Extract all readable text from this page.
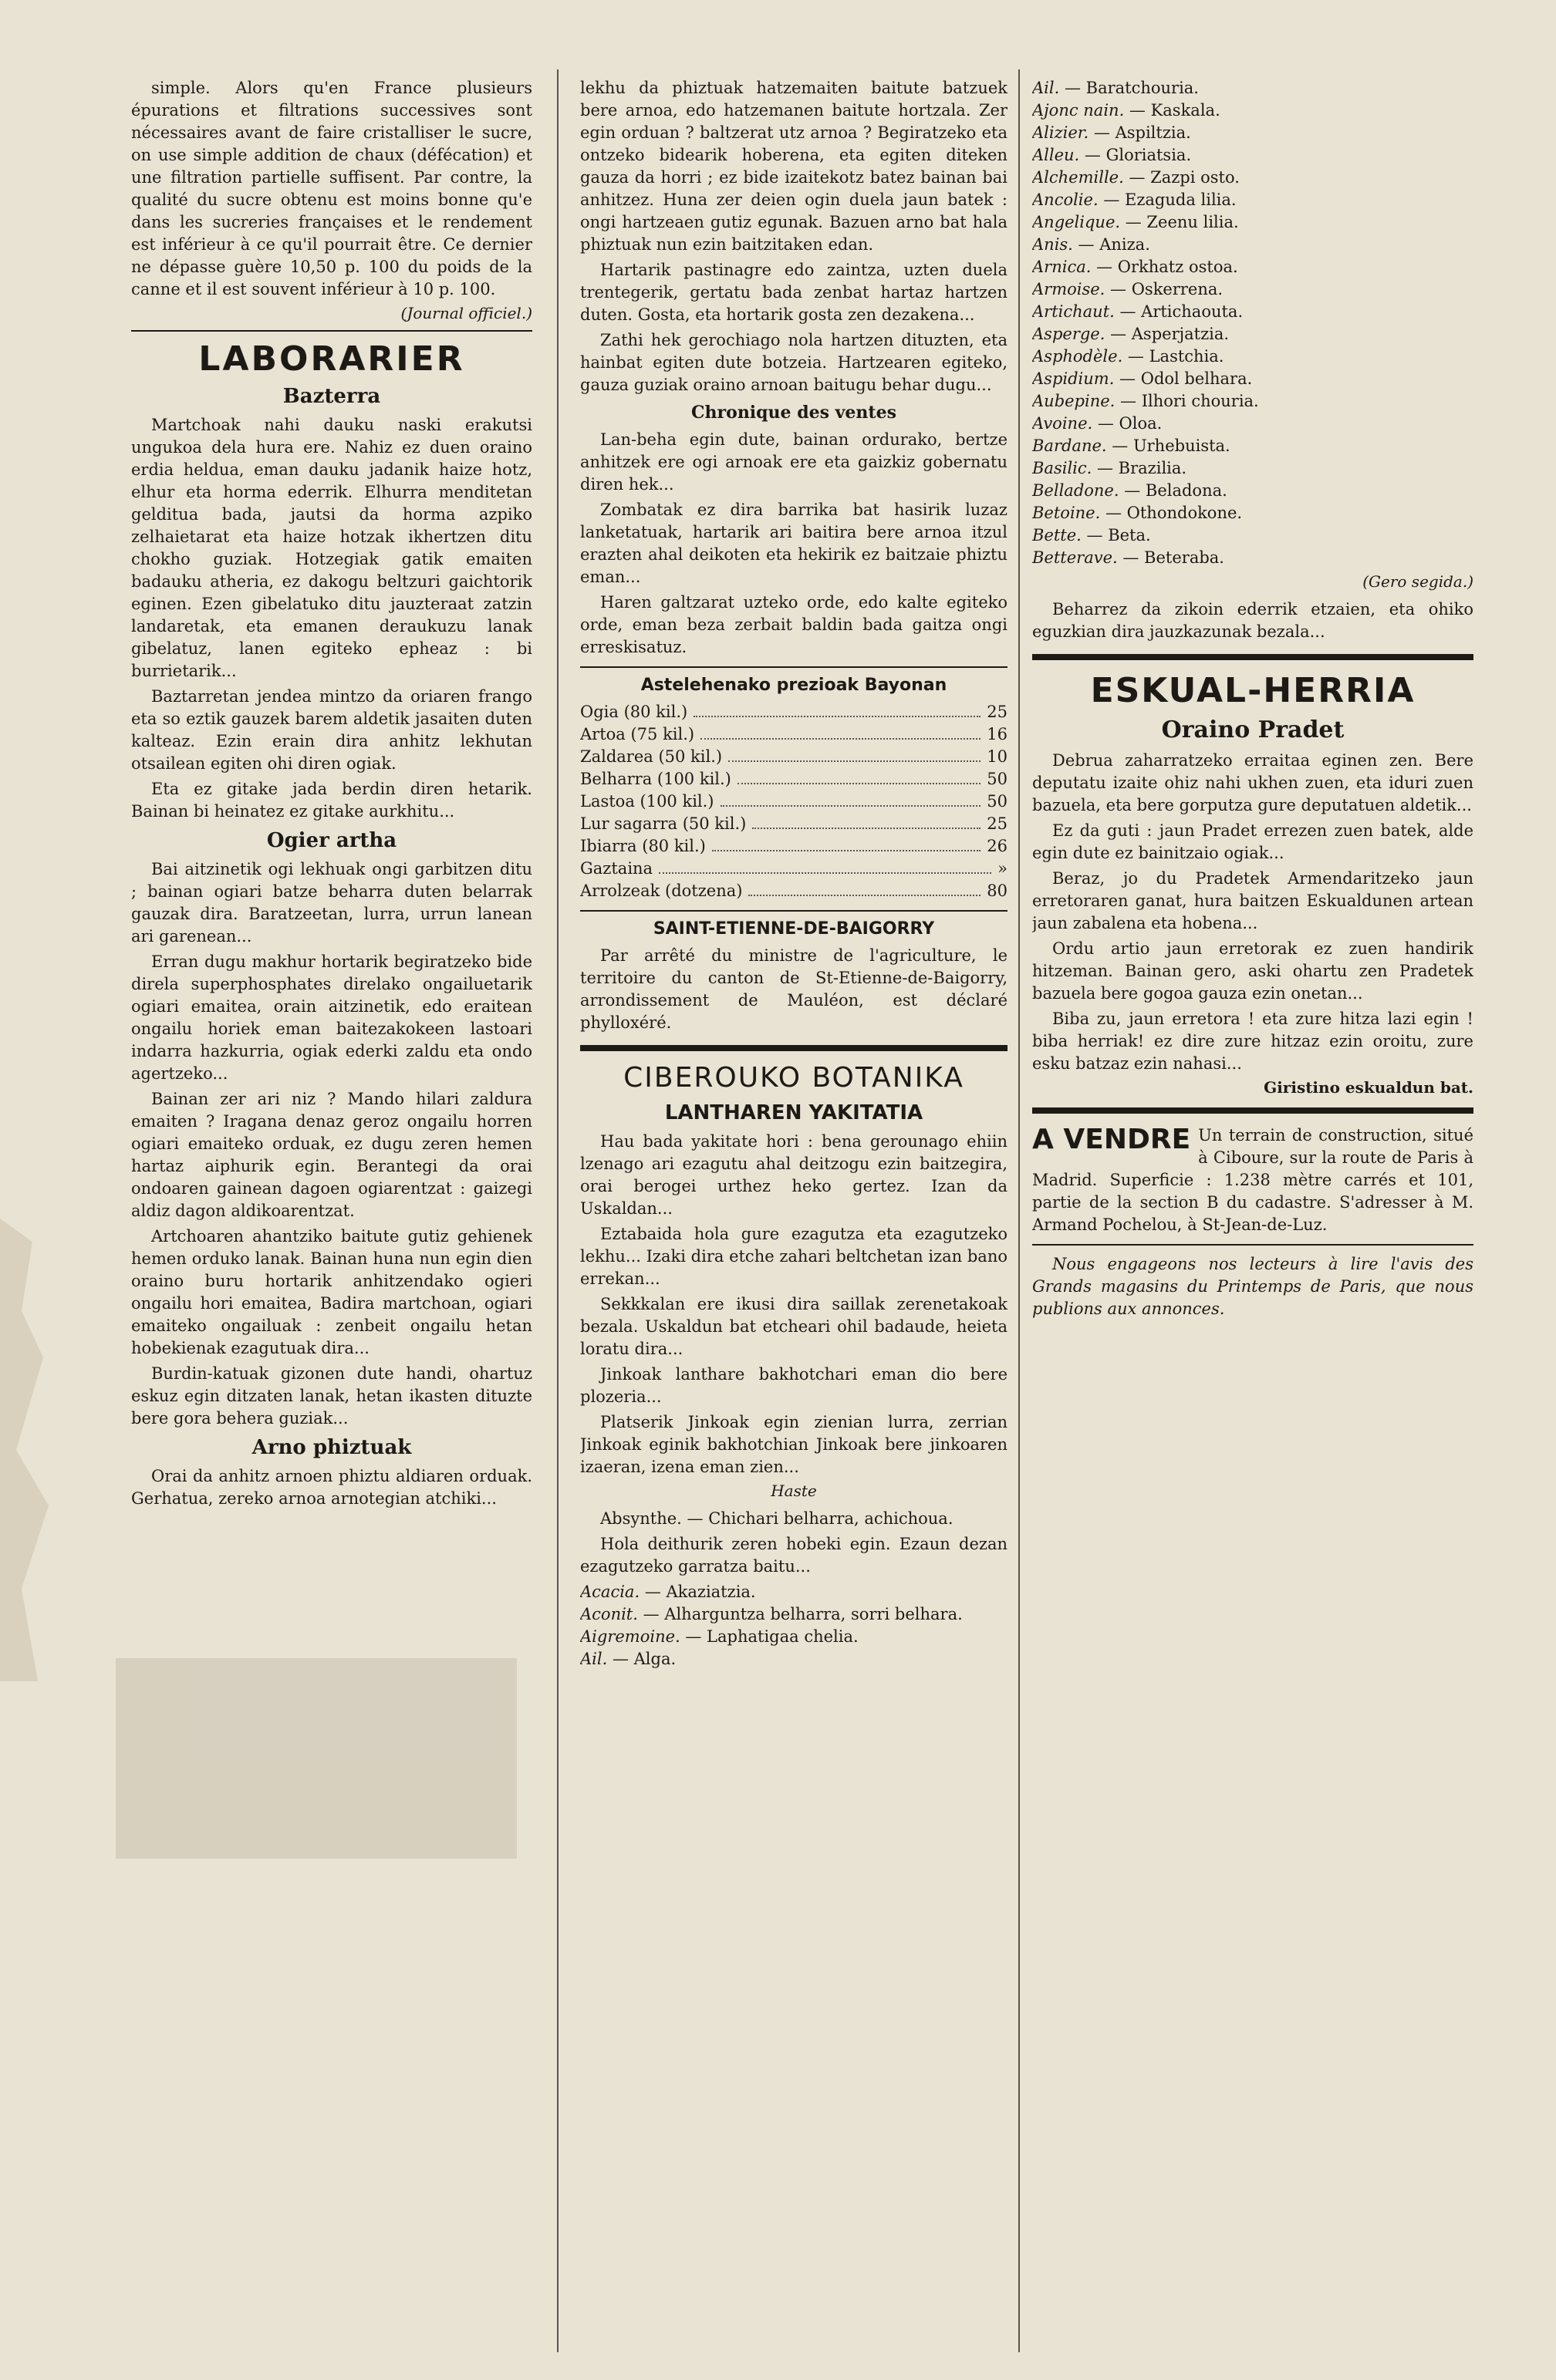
simple. Alors qu'en France plusieurs épurations et filtrations successives sont nécessaires avant de faire cristalliser le sucre, on use simple addition de chaux (défécation) et une filtration partielle suffisent. Par contre, la qualité du sucre obtenu est moins bonne qu'e dans les sucreries françaises et le rendement est inférieur à ce qu'il pourrait être. Ce dernier ne dépasse guère 10,50 p. 100 du poids de la canne et il est souvent inférieur à 10 p. 100.

(Journal officiel.)
LABORARIER
Bazterra

Martchoak nahi dauku naski erakutsi ungukoa dela hura ere. Nahiz ez duen oraino erdia heldua, eman dauku jadanik haize hotz, elhur eta horma ederrik. Elhurra menditetan gelditua bada, jautsi da horma azpiko zelhaietarat eta haize hotzak ikhertzen ditu chokho guziak. Hotzegiak gatik emaiten badauku atheria, ez dakogu beltzuri gaichtorik eginen. Ezen gibelatuko ditu jauzteraat zatzin landaretak, eta emanen deraukuzu lanak gibelatuz, lanen egiteko epheaz : bi burrietarik...

Baztarretan jendea mintzo da oriaren frango eta so eztik gauzek barem aldetik jasaiten duten kalteaz. Ezin erain dira anhitz lekhutan otsailean egiten ohi diren ogiak.

Eta ez gitake jada berdin diren hetarik. Bainan bi heinatez ez gitake aurkhitu...

Ogier artha

Bai aitzinetik ogi lekhuak ongi garbitzen ditu ; bainan ogiari batze beharra duten belarrak gauzak dira. Baratzeetan, lurra, urrun lanean ari garenean...

Erran dugu makhur hortarik begiratzeko bide direla superphosphates direlako ongailuetarik ogiari emaitea, orain aitzinetik, edo eraitean ongailu horiek eman baitezakokeen lastoari indarra hazkurria, ogiak ederki zaldu eta ondo agertzeko...

Bainan zer ari niz ? Mando hilari zaldura emaiten ? Iragana denaz geroz ongailu horren ogiari emaiteko orduak, ez dugu zeren hemen hartaz aiphurik egin. Berantegi da orai ondoaren gainean dagoen ogiarentzat : gaizegi aldiz dagon aldikoarentzat.

Artchoaren ahantziko baitute gutiz gehienek hemen orduko lanak. Bainan huna nun egin dien oraino buru hortarik anhitzendako ogieri ongailu hori emaitea, Badira martchoan, ogiari emaiteko ongailuak : zenbeit ongailu hetan hobekienak ezagutuak dira...

Burdin-katuak gizonen dute handi, ohartuz eskuz egin ditzaten lanak, hetan ikasten dituzte bere gora behera guziak...

Arno phiztuak

Orai da anhitz arnoen phiztu aldiaren orduak. Gerhatua, zereko arnoa arnotegian atchiki...

lekhu da phiztuak hatzemaiten baitute batzuek bere arnoa, edo hatzemanen baitute hortzala. Zer egin orduan ? baltzerat utz arnoa ? Begiratzeko eta ontzeko bidearik hoberena, eta egiten diteken gauza da horri ; ez bide izaitekotz batez bainan bai anhitzez. Huna zer deien ogin duela jaun batek : ongi hartzeaen gutiz egunak. Bazuen arno bat hala phiztuak nun ezin baitzitaken edan.

Hartarik pastinagre edo zaintza, uzten duela trentegerik, gertatu bada zenbat hartaz hartzen duten. Gosta, eta hortarik gosta zen dezakena...

Zathi hek gerochiago nola hartzen dituzten, eta hainbat egiten dute botzeia. Hartzearen egiteko, gauza guziak oraino arnoan baitugu behar dugu...

Chronique des ventes

Lan-beha egin dute, bainan ordurako, bertze anhitzek ere ogi arnoak ere eta gaizkiz gobernatu diren hek...

Zombatak ez dira barrika bat hasirik luzaz lanketatuak, hartarik ari baitira bere arnoa itzul erazten ahal deikoten eta hekirik ez baitzaie phiztu eman...

Haren galtzarat uzteko orde, edo kalte egiteko orde, eman beza zerbait baldin bada gaitza ongi erreskisatuz.

Astelehenako prezioak Bayonan
Ogia (80 kil.)	25
Artoa (75 kil.)	16
Zaldarea (50 kil.)	10
Belharra (100 kil.)	50
Lastoa (100 kil.)	50
Lur sagarra (50 kil.)	25
Ibiarra (80 kil.)	26
Gaztaina	»
Arrolzeak (dotzena)	80
SAINT-ETIENNE-DE-BAIGORRY

Par arrêté du ministre de l'agriculture, le territoire du canton de St-Etienne-de-Baigorry, arrondissement de Mauléon, est déclaré phylloxéré.

CIBEROUKO BOTANIKA
LANTHAREN YAKITATIA

Hau bada yakitate hori : bena gerounago ehiin lzenago ari ezagutu ahal deitzogu ezin baitzegira, orai berogei urthez heko gertez. Izan da Uskaldan...

Eztabaida hola gure ezagutza eta ezagutzeko lekhu... Izaki dira etche zahari beltchetan izan bano errekan...

Sekkkalan ere ikusi dira saillak zerenetakoak bezala. Uskaldun bat etcheari ohil badaude, heieta loratu dira...

Jinkoak lanthare bakhotchari eman dio bere plozeria...

Platserik Jinkoak egin zienian lurra, zerrian Jinkoak eginik bakhotchian Jinkoak bere jinkoaren izaeran, izena eman zien...

Haste

Absynthe. — Chichari belharra, achichoua.

Hola deithurik zeren hobeki egin. Ezaun dezan ezagutzeko garratza baitu...

Acacia. — Akaziatzia.

Aconit. — Alharguntza belharra, sorri belhara.

Aigremoine. — Laphatigaa chelia.

Ail. — Alga.

Ail. — Baratchouria.

Ajonc nain. — Kaskala.

Alizier. — Aspiltzia.

Alleu. — Gloriatsia.

Alchemille. — Zazpi osto.

Ancolie. — Ezaguda lilia.

Angelique. — Zeenu lilia.

Anis. — Aniza.

Arnica. — Orkhatz ostoa.

Armoise. — Oskerrena.

Artichaut. — Artichaouta.

Asperge. — Asperjatzia.

Asphodèle. — Lastchia.

Aspidium. — Odol belhara.

Aubepine. — Ilhori chouria.

Avoine. — Oloa.

Bardane. — Urhebuista.

Basilic. — Brazilia.

Belladone. — Beladona.

Betoine. — Othondokone.

Bette. — Beta.

Betterave. — Beteraba.

(Gero segida.)

Beharrez da zikoin ederrik etzaien, eta ohiko eguzkian dira jauzkazunak bezala...

ESKUAL-HERRIA
Oraino Pradet

Debrua zaharratzeko erraitaa eginen zen. Bere deputatu izaite ohiz nahi ukhen zuen, eta iduri zuen bazuela, eta bere gorputza gure deputatuen aldetik...

Ez da guti : jaun Pradet errezen zuen batek, alde egin dute ez bainitzaio ogiak...

Beraz, jo du Pradetek Armendaritzeko jaun erretoraren ganat, hura baitzen Eskualdunen artean jaun zabalena eta hobena...

Ordu artio jaun erretorak ez zuen handirik hitzeman. Bainan gero, aski ohartu zen Pradetek bazuela bere gogoa gauza ezin onetan...

Biba zu, jaun erretora ! eta zure hitza lazi egin ! biba herriak! ez dire zure hitzaz ezin oroitu, zure esku batzaz ezin nahasi...

Giristino eskualdun bat.
A VENDRE Un terrain de construction, situé à Ciboure, sur la route de Paris à Madrid. Superficie : 1.238 mètre carrés et 101, partie de la section B du cadastre. S'adresser à M. Armand Pochelou, à St-Jean-de-Luz.

Nous engageons nos lecteurs à lire l'avis des Grands magasins du Printemps de Paris, que nous publions aux annonces.
